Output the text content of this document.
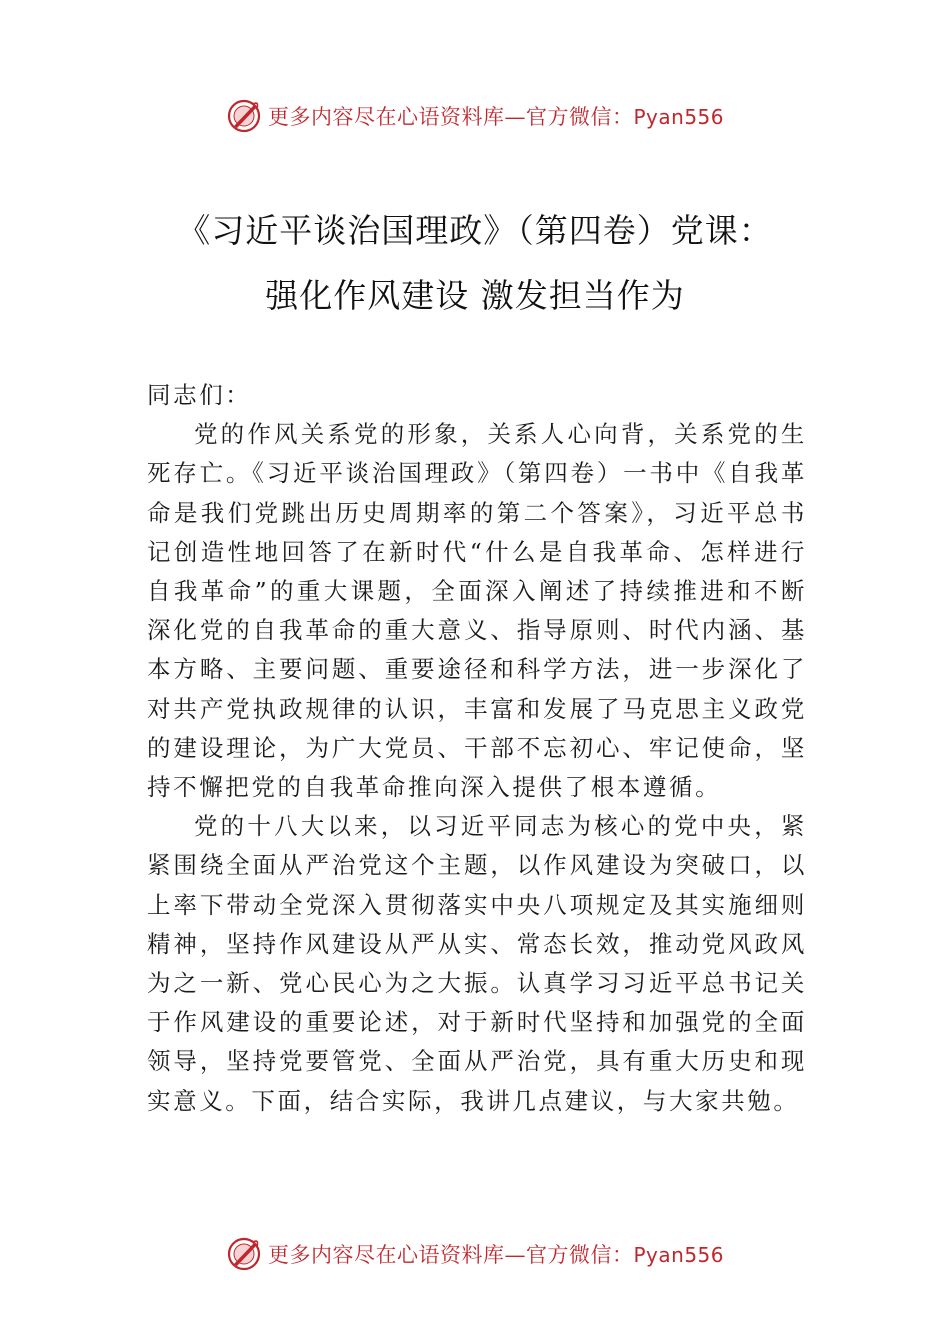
更多内容尽在心语资料库—官方微信：Pyan556
《习近平谈治国理政》（第四卷）党课：
强化作风建设 激发担当作为

同志们：

党的作风关系党的形象，关系人心向背，关系党的生死存亡。《习近平谈治国理政》（第四卷）一书中《自我革命是我们党跳出历史周期率的第二个答案》，习近平总书记创造性地回答了在新时代“什么是自我革命、怎样进行自我革命”的重大课题，全面深入阐述了持续推进和不断深化党的自我革命的重大意义、指导原则、时代内涵、基本方略、主要问题、重要途径和科学方法，进一步深化了对共产党执政规律的认识，丰富和发展了马克思主义政党的建设理论，为广大党员、干部不忘初心、牢记使命，坚持不懈把党的自我革命推向深入提供了根本遵循。

党的十八大以来，以习近平同志为核心的党中央，紧紧围绕全面从严治党这个主题，以作风建设为突破口，以上率下带动全党深入贯彻落实中央八项规定及其实施细则精神，坚持作风建设从严从实、常态长效，推动党风政风为之一新、党心民心为之大振。认真学习习近平总书记关于作风建设的重要论述，对于新时代坚持和加强党的全面领导，坚持党要管党、全面从严治党，具有重大历史和现实意义。下面，结合实际，我讲几点建议，与大家共勉。

更多内容尽在心语资料库—官方微信：Pyan556
